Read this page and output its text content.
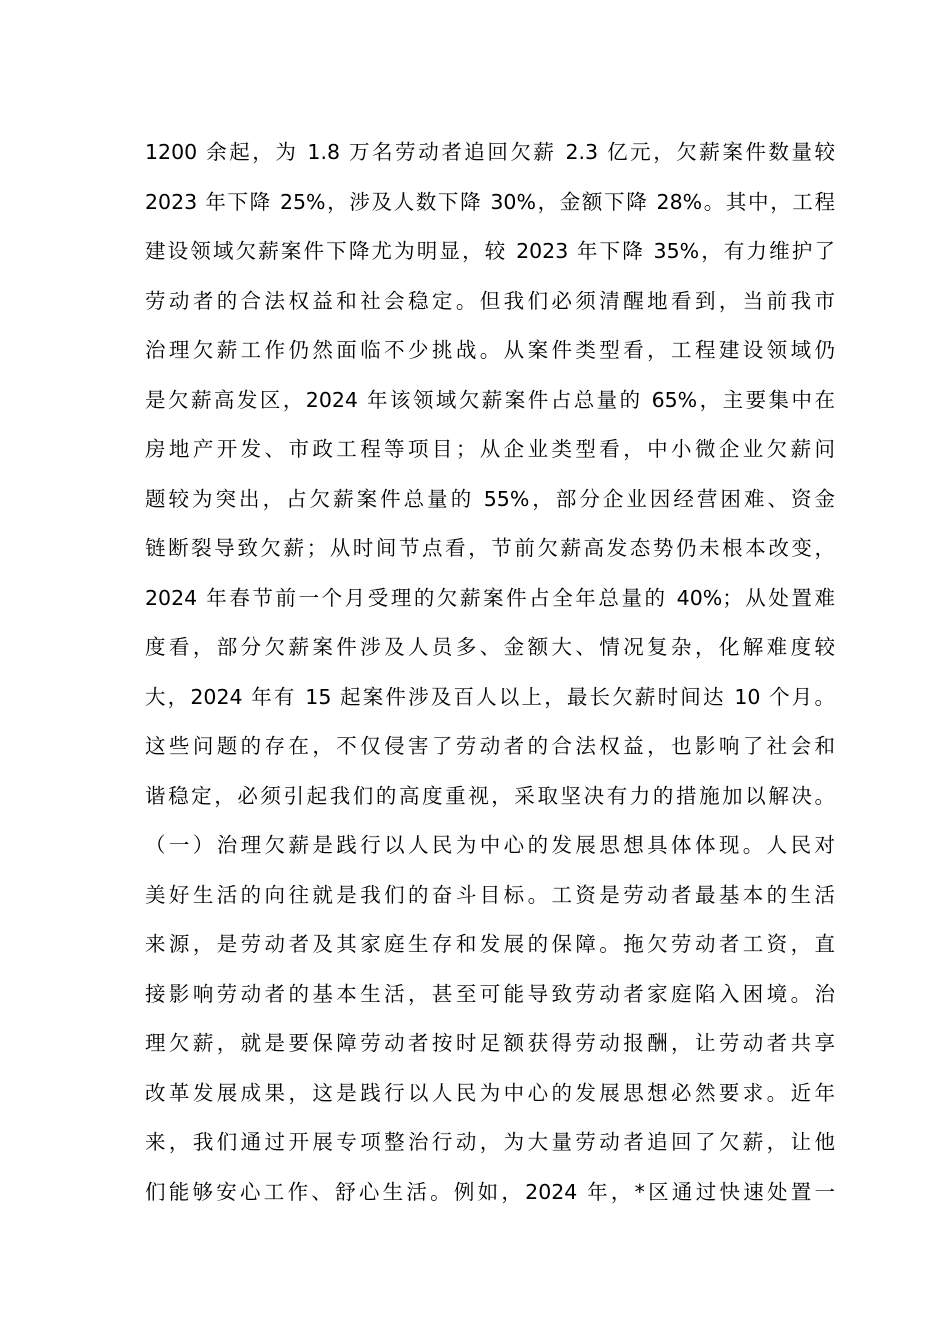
1200 余起，为 1.8 万名劳动者追回欠薪 2.3 亿元，欠薪案件数量较
2023 年下降 25%，涉及人数下降 30%，金额下降 28%。其中，工程
建设领域欠薪案件下降尤为明显，较 2023 年下降 35%，有力维护了
劳动者的合法权益和社会稳定。但我们必须清醒地看到，当前我市
治理欠薪工作仍然面临不少挑战。从案件类型看，工程建设领域仍
是欠薪高发区，2024 年该领域欠薪案件占总量的 65%，主要集中在
房地产开发、市政工程等项目；从企业类型看，中小微企业欠薪问
题较为突出，占欠薪案件总量的 55%，部分企业因经营困难、资金
链断裂导致欠薪；从时间节点看，节前欠薪高发态势仍未根本改变，
2024 年春节前一个月受理的欠薪案件占全年总量的 40%；从处置难
度看，部分欠薪案件涉及人员多、金额大、情况复杂，化解难度较
大，2024 年有 15 起案件涉及百人以上，最长欠薪时间达 10 个月。
这些问题的存在，不仅侵害了劳动者的合法权益，也影响了社会和
谐稳定，必须引起我们的高度重视，采取坚决有力的措施加以解决。
（一）治理欠薪是践行以人民为中心的发展思想具体体现。人民对
美好生活的向往就是我们的奋斗目标。工资是劳动者最基本的生活
来源，是劳动者及其家庭生存和发展的保障。拖欠劳动者工资，直
接影响劳动者的基本生活，甚至可能导致劳动者家庭陷入困境。治
理欠薪，就是要保障劳动者按时足额获得劳动报酬，让劳动者共享
改革发展成果，这是践行以人民为中心的发展思想必然要求。近年
来，我们通过开展专项整治行动，为大量劳动者追回了欠薪，让他
们能够安心工作、舒心生活。例如，2024 年，*区通过快速处置一
